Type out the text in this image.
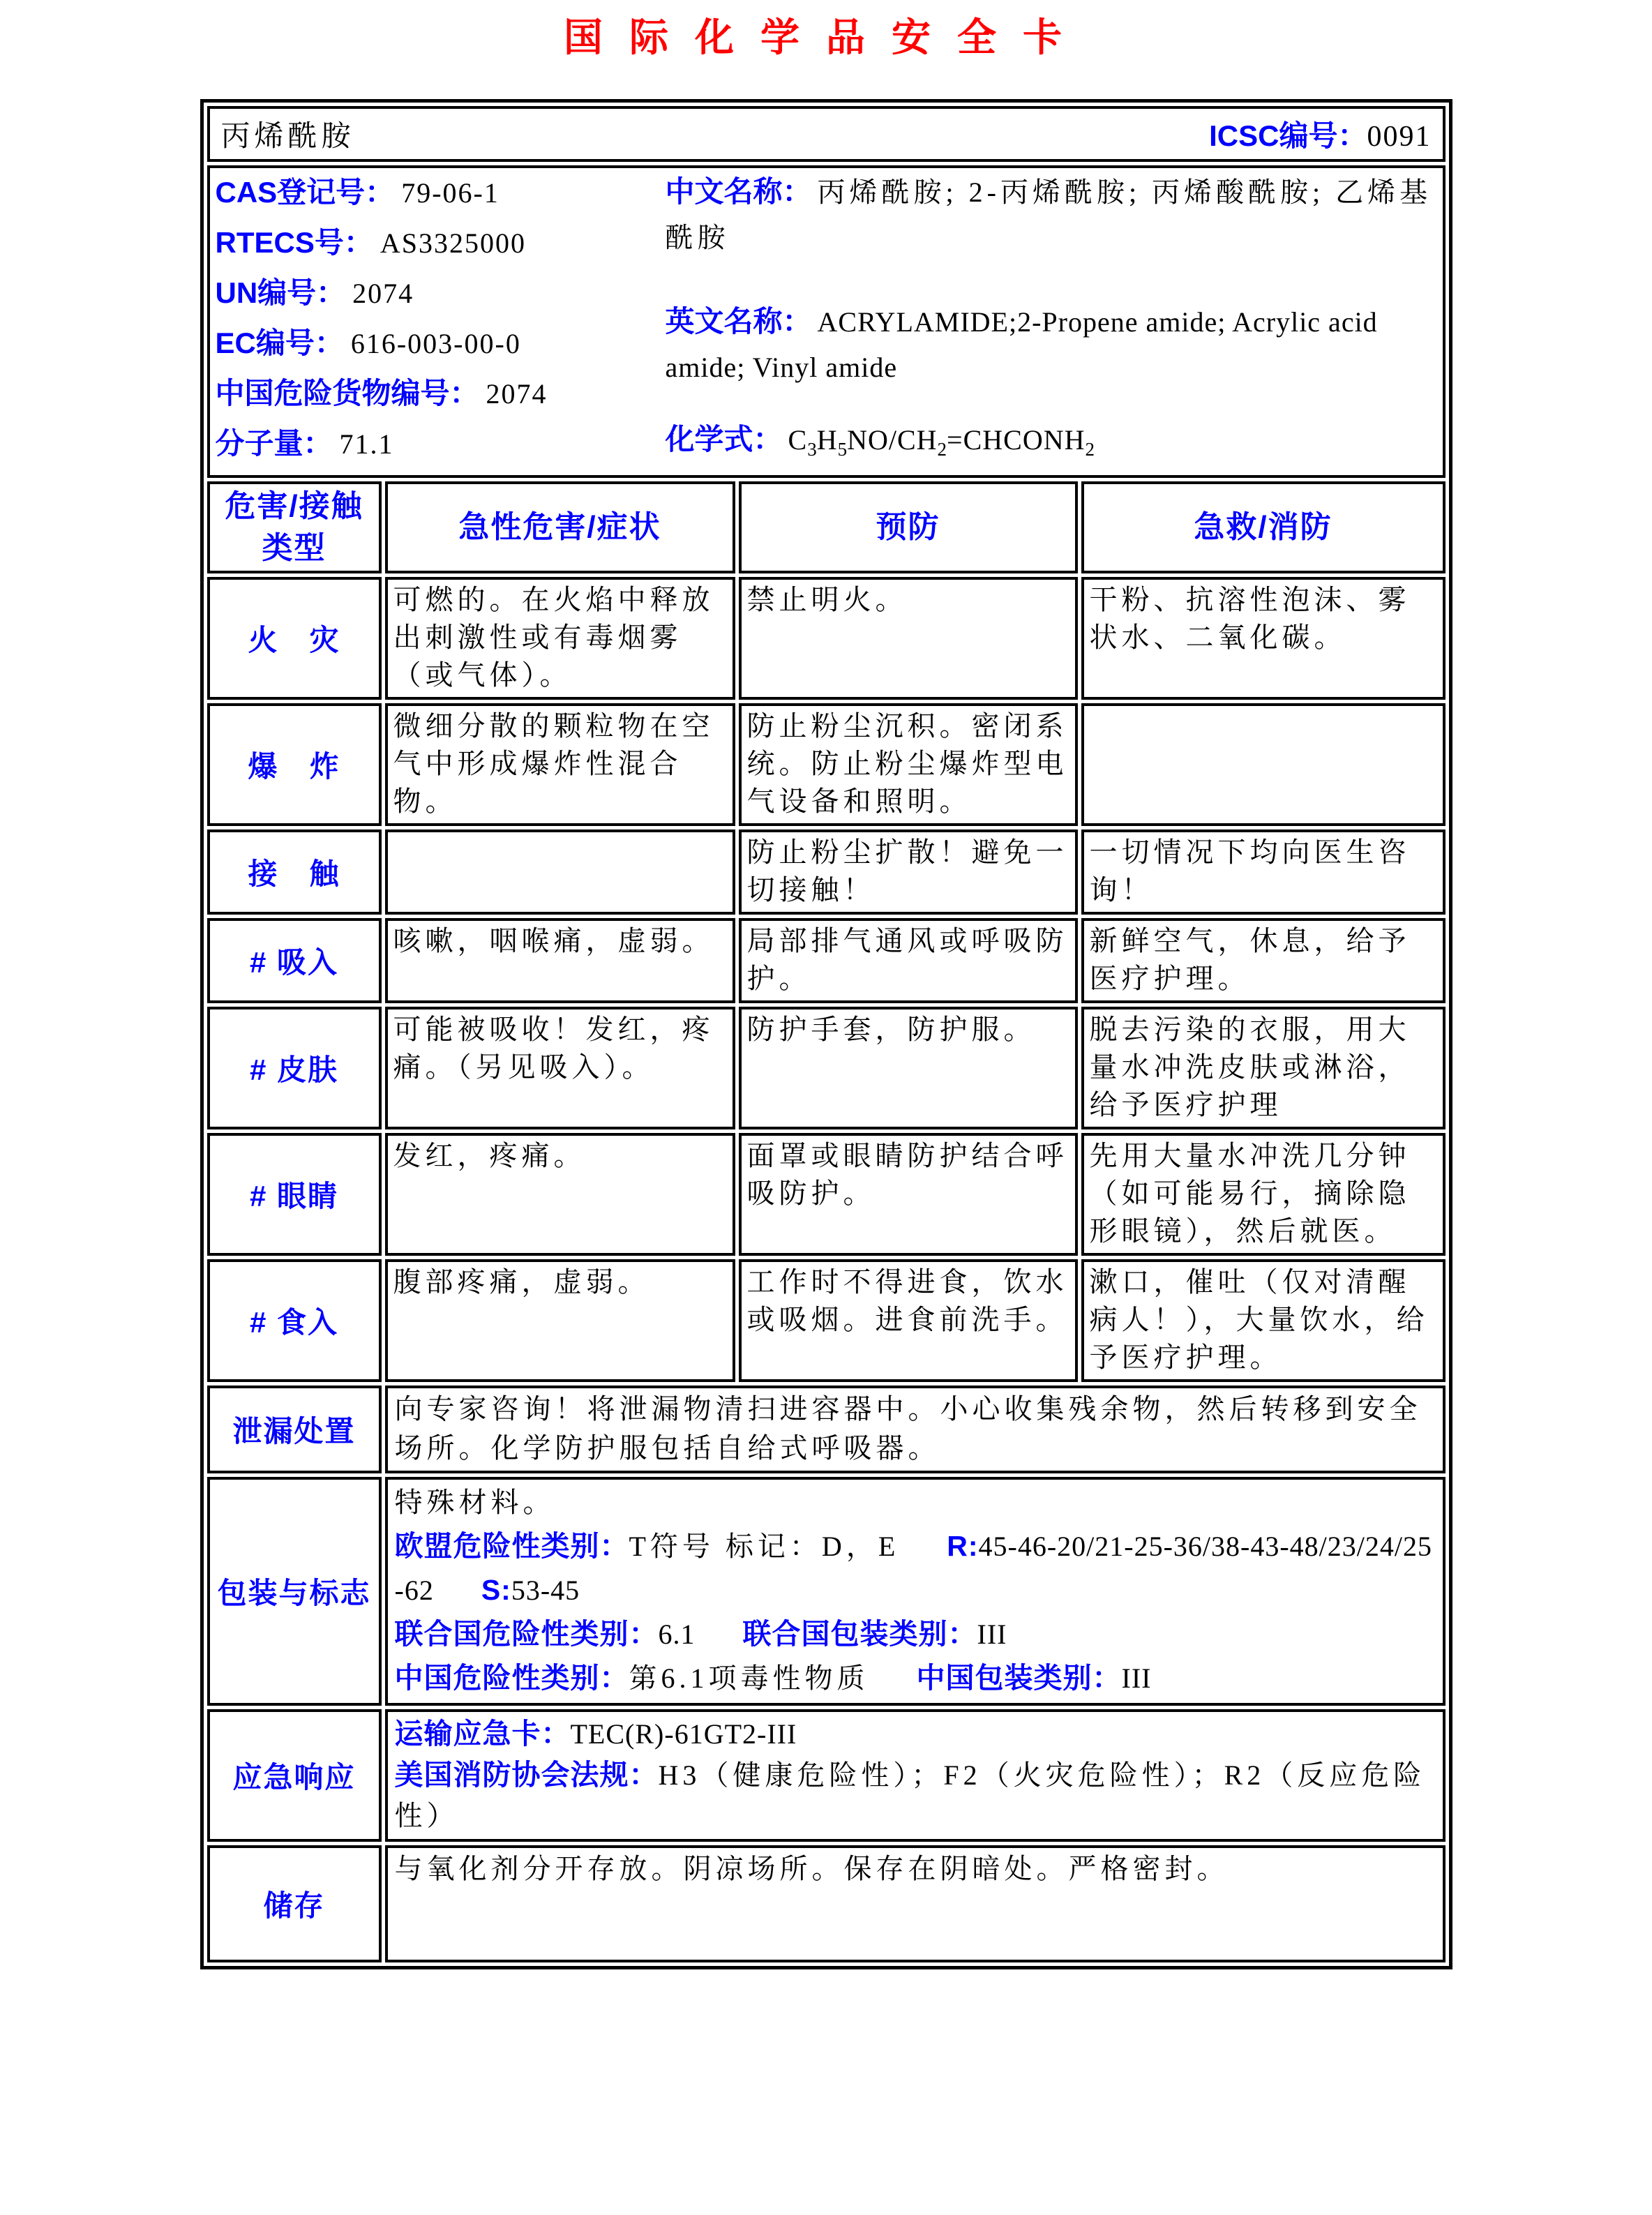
国际化学品安全卡
丙烯酰胺 ICSC编号：0091			

CAS登记号： 79-06-1
RTECS号： AS3325000
UN编号： 2074
EC编号： 616-003-00-0
中国危险货物编号： 2074
分子量： 71.1
中文名称： 丙烯酰胺; 2-丙烯酰胺; 丙烯酸酰胺; 乙烯基酰胺
英文名称： ACRYLAMIDE;2-Propene amide; Acrylic acid amide; Vinyl amide
化学式： $C_3H_5NO/CH_2=CHCONH_2$

危害/接触类型	急性危害/症状	预防	急救/消防
火　灾	可燃的。在火焰中释放出刺激性或有毒烟雾（或气体）。	禁止明火。	干粉、抗溶性泡沫、雾状水、二氧化碳。
爆　炸	微细分散的颗粒物在空气中形成爆炸性混合物。	防止粉尘沉积。密闭系统。防止粉尘爆炸型电气设备和照明。	
接　触		防止粉尘扩散！避免一切接触！	一切情况下均向医生咨询！
# 吸入	咳嗽，咽喉痛，虚弱。	局部排气通风或呼吸防护。	新鲜空气，休息，给予医疗护理。
# 皮肤	可能被吸收！发红，疼痛。（另见吸入）。	防护手套，防护服。	脱去污染的衣服，用大量水冲洗皮肤或淋浴，给予医疗护理
# 眼睛	发红，疼痛。	面罩或眼睛防护结合呼吸防护。	先用大量水冲洗几分钟（如可能易行，摘除隐形眼镜），然后就医。
# 食入	腹部疼痛，虚弱。	工作时不得进食，饮水或吸烟。进食前洗手。	漱口，催吐（仅对清醒病人！），大量饮水，给予医疗护理。
泄漏处置	向专家咨询！将泄漏物清扫进容器中。小心收集残余物，然后转移到安全场所。化学防护服包括自给式呼吸器。		
包装与标志	特殊材料。
欧盟危险性类别：T符号 标记：D，E R:45-46-20/21-25-36/38-43-48/23/24/25-62 S:53-45
联合国危险性类别：6.1 联合国包装类别：III
中国危险性类别：第6.1项毒性物质 中国包装类别：III		

应急响应	运输应急卡：TEC(R)-61GT2-III
美国消防协会法规：H3（健康危险性）；F2（火灾危险性）；R2（反应危险性）		

储存	与氧化剂分开存放。阴凉场所。保存在阴暗处。严格密封。		
